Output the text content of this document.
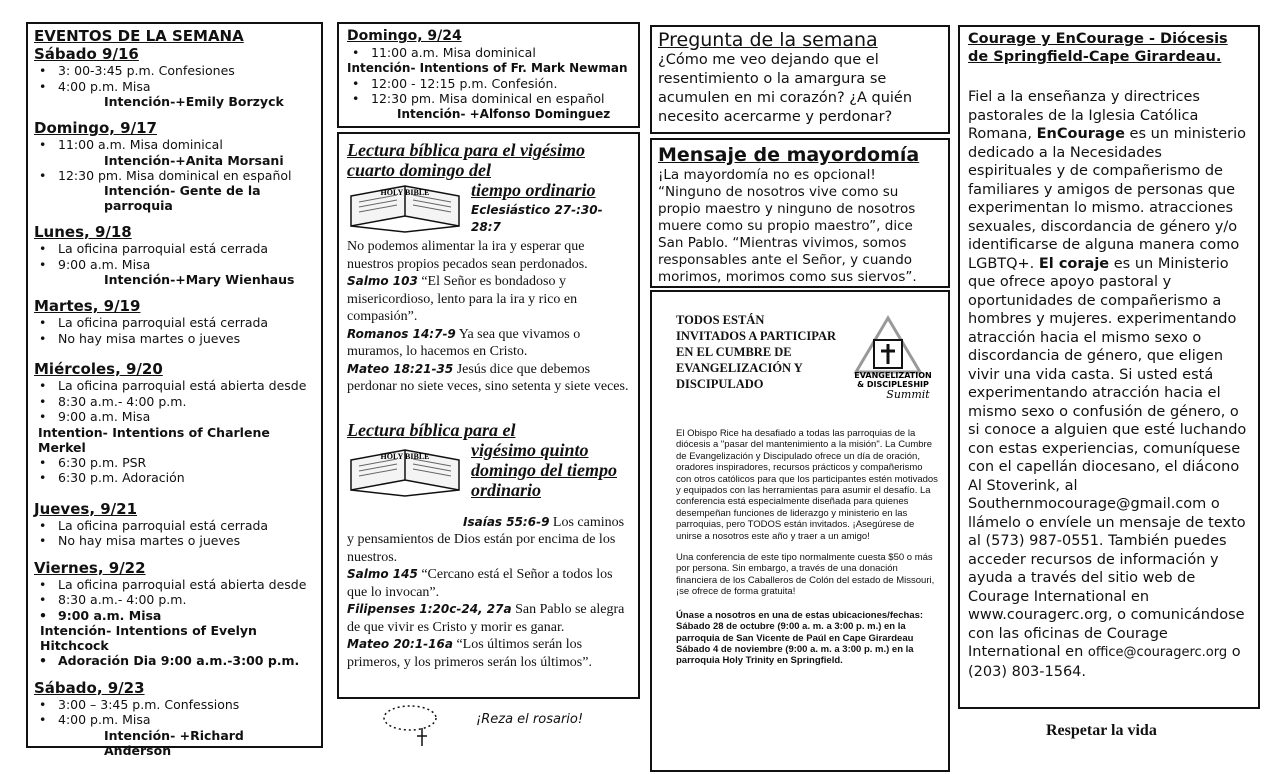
EVENTOS DE LA SEMANA
Sábado 9/16
• 3: 00-3:45 p.m. Confesiones
• 4:00 p.m. Misa
Intención-+Emily Borzyck
Domingo, 9/17
• 11:00 a.m. Misa dominical
Intención-+Anita Morsani
• 12:30 pm. Misa dominical en español
Intención- Gente de la parroquia
Lunes, 9/18
• La oficina parroquial está cerrada
• 9:00 a.m. Misa
Intención-+Mary Wienhaus
Martes, 9/19
• La oficina parroquial está cerrada
• No hay misa martes o jueves
Miércoles, 9/20
• La oficina parroquial está abierta desde
• 8:30 a.m.- 4:00 p.m.
• 9:00 a.m. Misa
Intention- Intentions of Charlene Merkel
• 6:30 p.m. PSR
• 6:30 p.m. Adoración
Jueves, 9/21
• La oficina parroquial está cerrada
• No hay misa martes o jueves
Viernes, 9/22
• La oficina parroquial está abierta desde
• 8:30 a.m.- 4:00 p.m.
• 9:00 a.m. Misa
Intención- Intentions of Evelyn Hitchcock
• Adoración Dia 9:00 a.m.-3:00 p.m.
Sábado, 9/23
• 3:00 – 3:45 p.m. Confessions
• 4:00 p.m. Misa
Intención- +Richard Anderson
Domingo, 9/24
• 11:00 a.m. Misa dominical
Intención- Intentions of Fr. Mark Newman
• 12:00 - 12:15 p.m. Confesión.
• 12:30 pm. Misa dominical en español
Intención- +Alfonso Dominguez
Lectura bíblica para el vigésimo cuarto domingo del
HOLY BIBLE tiempo ordinario
Eclesiástico 27-:30-28:7
No podemos alimentar la ira y esperar que nuestros propios pecados sean perdonados.
Salmo 103 “El Señor es bondadoso y misericordioso, lento para la ira y rico en compasión”.
Romanos 14:7-9 Ya sea que vivamos o muramos, lo hacemos en Cristo.
Mateo 18:21-35 Jesús dice que debemos perdonar no siete veces, sino setenta y siete veces.
Lectura bíblica para el
HOLY BIBLE vigésimo quinto domingo del tiempo ordinario
Isaías 55:6-9 Los caminos y pensamientos de Dios están por encima de los nuestros.
Salmo 145 “Cercano está el Señor a todos los que lo invocan”.
Filipenses 1:20c-24, 27a San Pablo se alegra de que vivir es Cristo y morir es ganar.
Mateo 20:1-16a “Los últimos serán los primeros, y los primeros serán los últimos”.
¡Reza el rosario!
Pregunta de la semana
¿Cómo me veo dejando que el resentimiento o la amargura se acumulen en mi corazón? ¿A quién necesito acercarme y perdonar?
Mensaje de mayordomía
¡La mayordomía no es opcional! “Ninguno de nosotros vive como su propio maestro y ninguno de nosotros muere como su propio maestro”, dice San Pablo. “Mientras vivimos, somos responsables ante el Señor, y cuando morimos, morimos como sus siervos”.
TODOS ESTÁN INVITADOS A PARTICIPAR EN EL CUMBRE DE EVANGELIZACIÓN Y DISCIPULADO
EVANGELIZATION
& DISCIPLESHIP
Summit
El Obispo Rice ha desafiado a todas las parroquias de la diócesis a "pasar del mantenimiento a la misión". La Cumbre de Evangelización y Discipulado ofrece un día de oración, oradores inspiradores, recursos prácticos y compañerismo con otros católicos para que los participantes estén motivados y equipados con las herramientas para asumir el desafío. La conferencia está especialmente diseñada para quienes desempeñan funciones de liderazgo y ministerio en las parroquias, pero TODOS están invitados. ¡Asegúrese de unirse a nosotros este año y traer a un amigo!
Una conferencia de este tipo normalmente cuesta $50 o más por persona. Sin embargo, a través de una donación financiera de los Caballeros de Colón del estado de Missouri, ¡se ofrece de forma gratuita!
Únase a nosotros en una de estas ubicaciones/fechas:
Sábado 28 de octubre (9:00 a. m. a 3:00 p. m.) en la parroquia de San Vicente de Paúl en Cape Girardeau
Sábado 4 de noviembre (9:00 a. m. a 3:00 p. m.) en la parroquia Holy Trinity en Springfield.
Courage y EnCourage - Diócesis de Springfield-Cape Girardeau.
Fiel a la enseñanza y directrices pastorales de la Iglesia Católica Romana, EnCourage es un ministerio dedicado a la Necesidades espirituales y de compañerismo de familiares y amigos de personas que experimentan lo mismo. atracciones sexuales, discordancia de género y/o identificarse de alguna manera como LGBTQ+. El coraje es un Ministerio que ofrece apoyo pastoral y oportunidades de compañerismo a hombres y mujeres. experimentando atracción hacia el mismo sexo o discordancia de género, que eligen vivir una vida casta. Si usted está experimentando atracción hacia el mismo sexo o confusión de género, o si conoce a alguien que esté luchando con estas experiencias, comuníquese con el capellán diocesano, el diácono Al Stoverink, al Southernmocourage@gmail.com o llámelo o envíele un mensaje de texto al (573) 987-0551. También puedes acceder recursos de información y ayuda a través del sitio web de Courage International en www.couragerc.org, o comunicándose con las oficinas de Courage International en office@couragerc.org o (203) 803-1564.
Respetar la vida
